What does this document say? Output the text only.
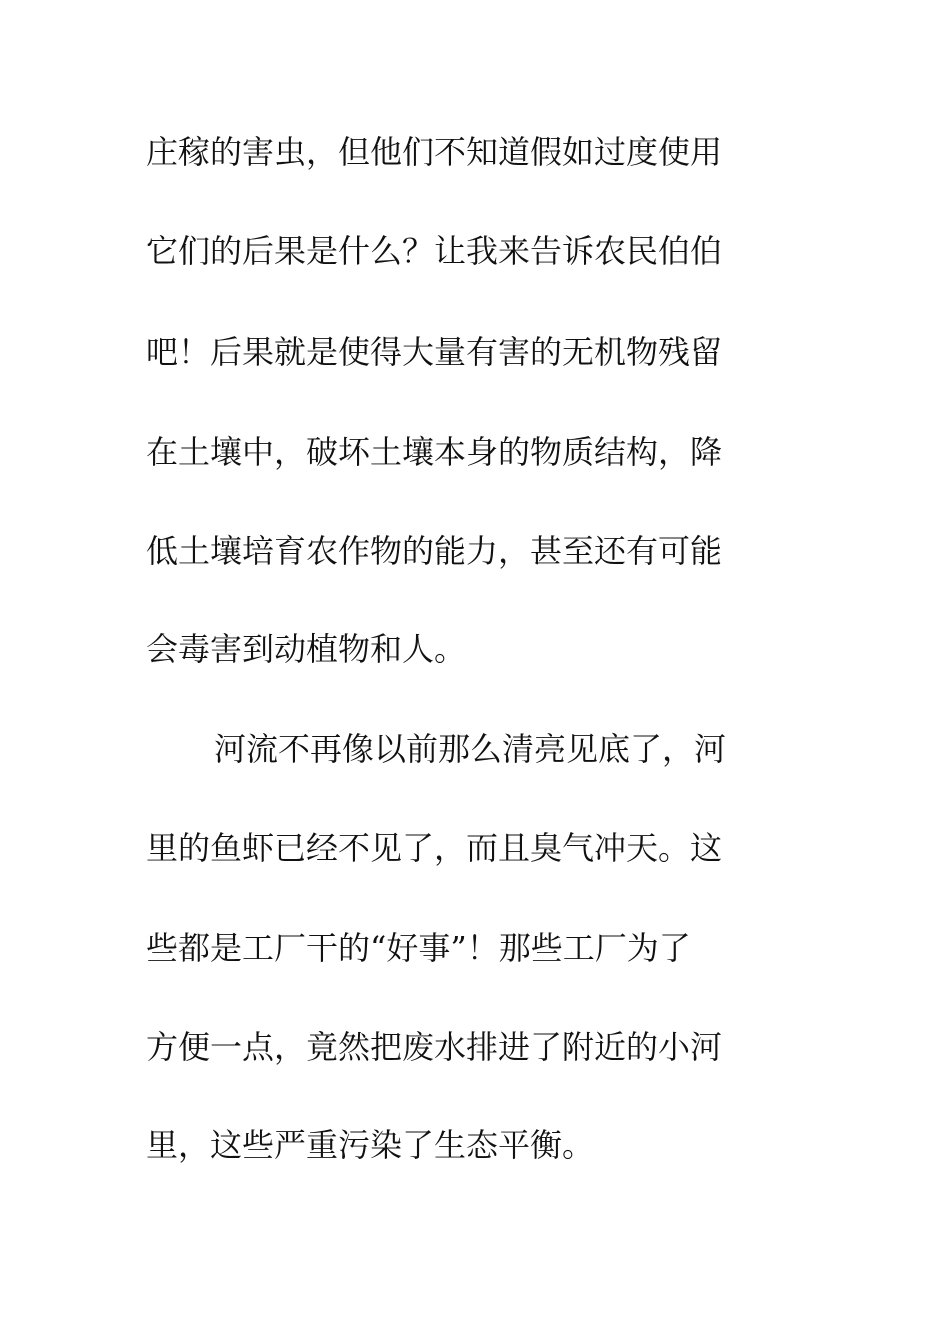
庄稼的害虫，但他们不知道假如过度使用
它们的后果是什么？让我来告诉农民伯伯
吧！后果就是使得大量有害的无机物残留
在土壤中，破坏土壤本身的物质结构，降
低土壤培育农作物的能力，甚至还有可能
会毒害到动植物和人。
河流不再像以前那么清亮见底了，河
里的鱼虾已经不见了，而且臭气冲天。这
些都是工厂干的“好事”！那些工厂为了
方便一点，竟然把废水排进了附近的小河
里，这些严重污染了生态平衡。
